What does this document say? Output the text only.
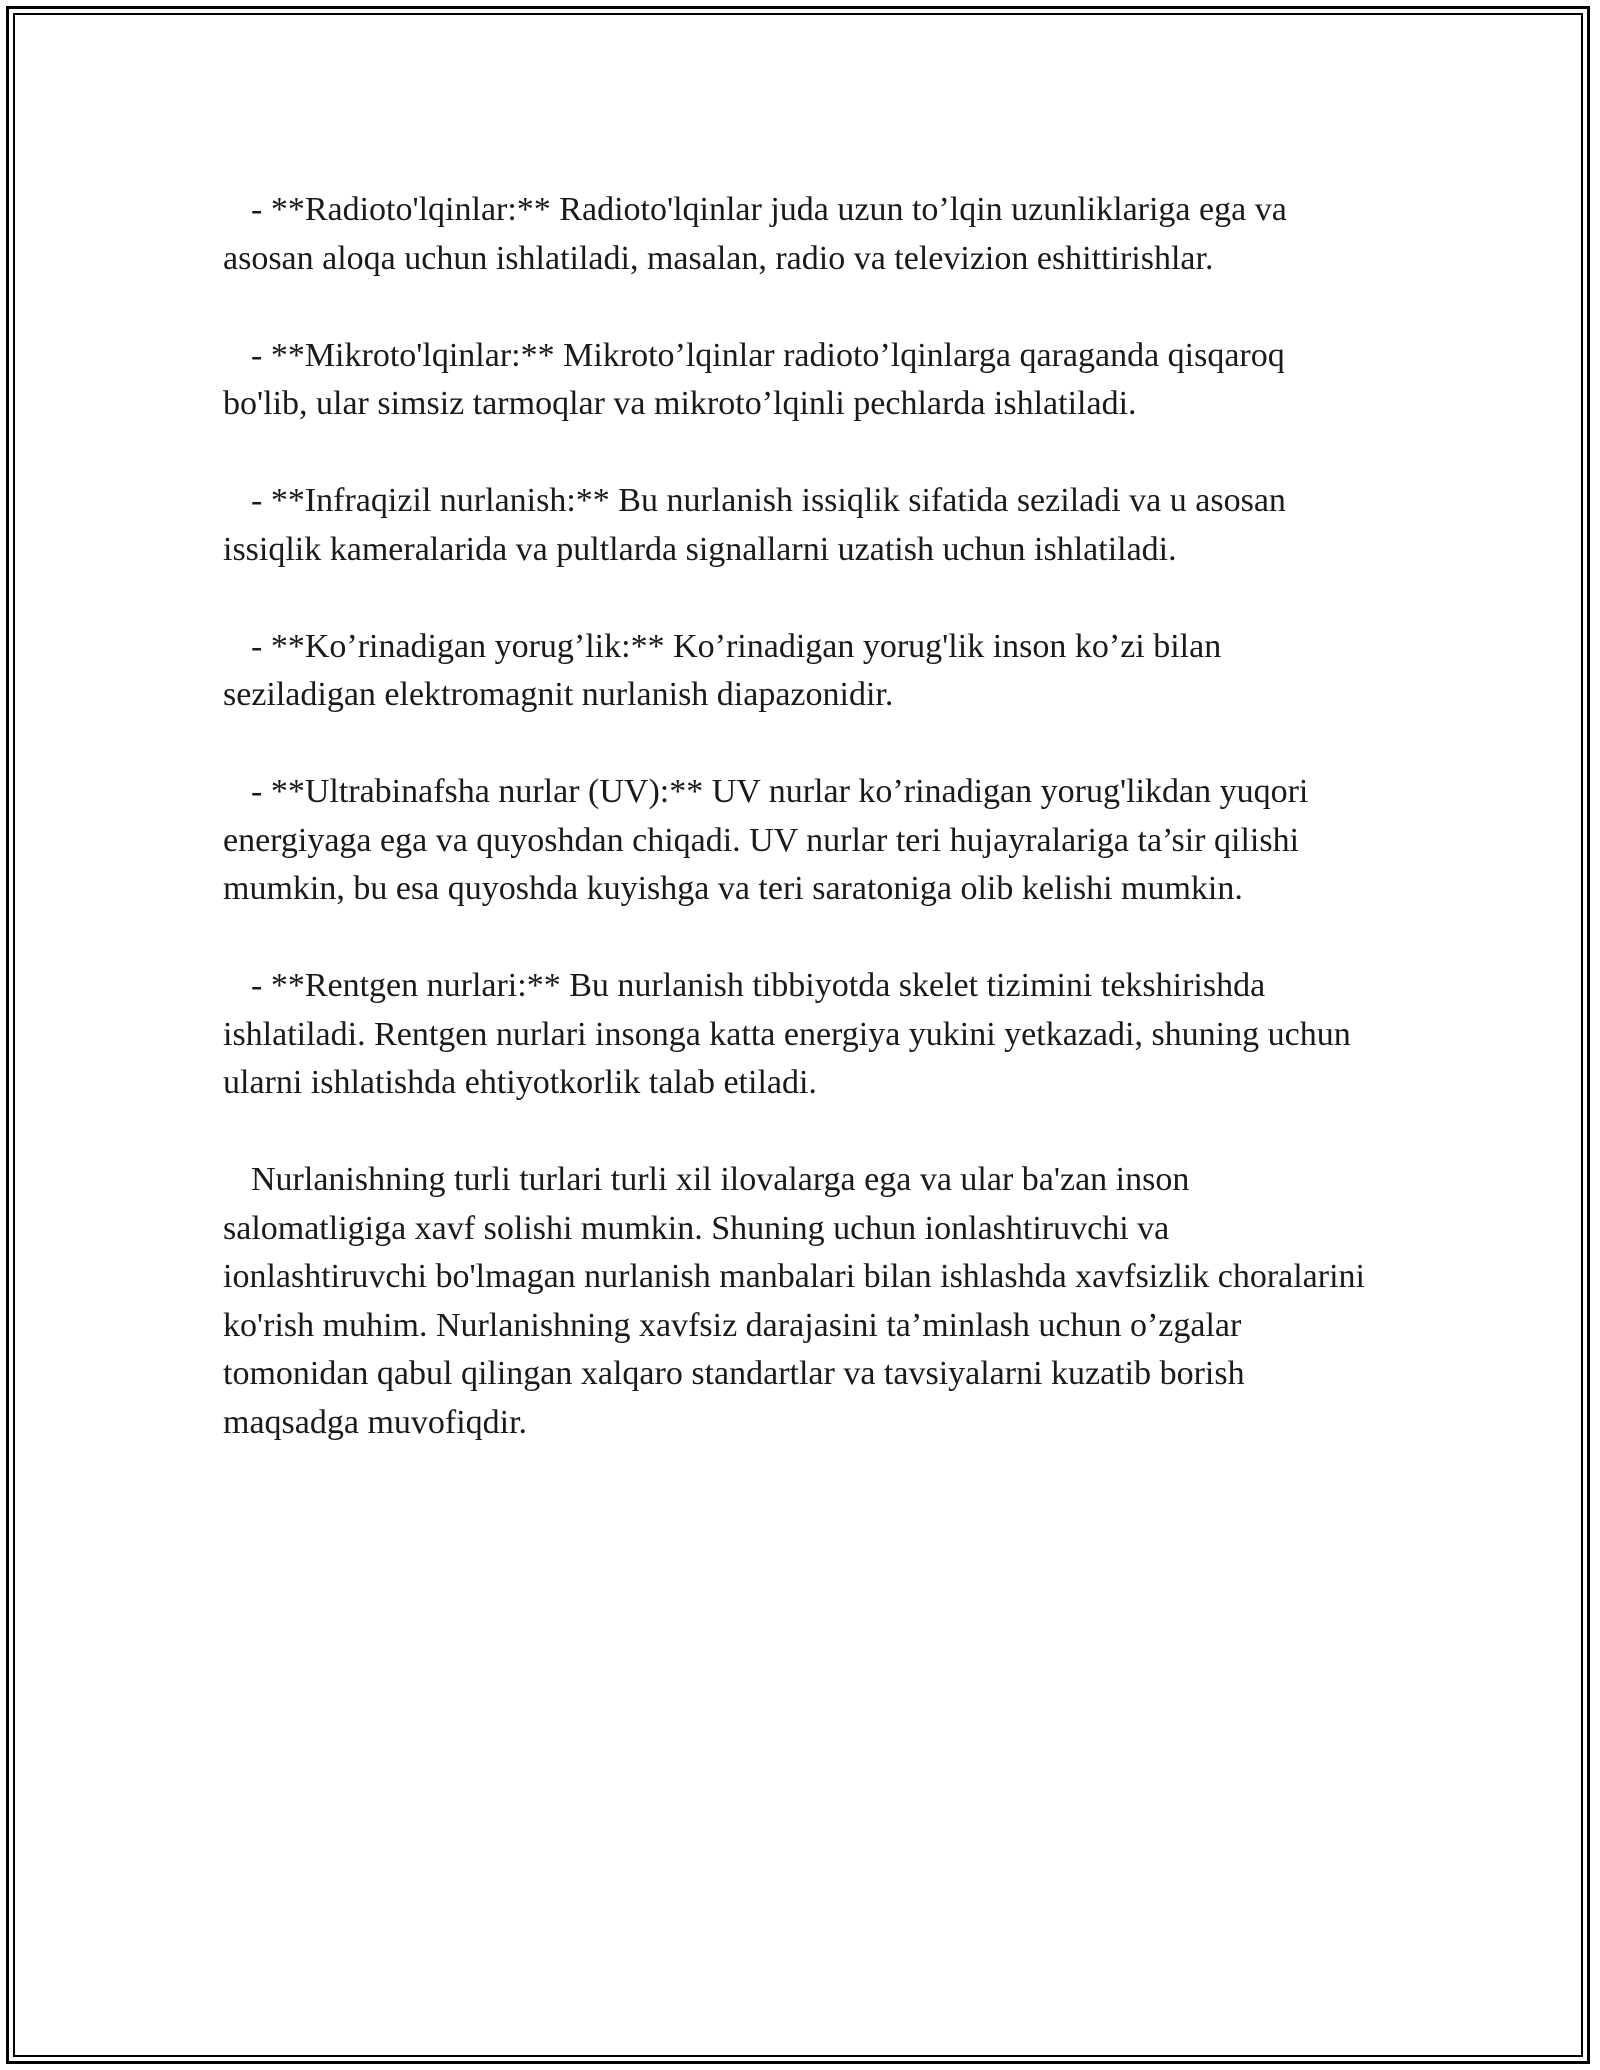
- **Radioto'lqinlar:** Radioto'lqinlar juda uzun to’lqin uzunliklariga ega va asosan aloqa uchun ishlatiladi, masalan, radio va televizion eshittirishlar.

- **Mikroto'lqinlar:** Mikroto’lqinlar radioto’lqinlarga qaraganda qisqaroq bo'lib, ular simsiz tarmoqlar va mikroto’lqinli pechlarda ishlatiladi.

- **Infraqizil nurlanish:** Bu nurlanish issiqlik sifatida seziladi va u asosan issiqlik kameralarida va pultlarda signallarni uzatish uchun ishlatiladi.

- **Ko’rinadigan yorug’lik:** Ko’rinadigan yorug'lik inson ko’zi bilan seziladigan elektromagnit nurlanish diapazonidir.

- **Ultrabinafsha nurlar (UV):** UV nurlar ko’rinadigan yorug'likdan yuqori energiyaga ega va quyoshdan chiqadi. UV nurlar teri hujayralariga ta’sir qilishi mumkin, bu esa quyoshda kuyishga va teri saratoniga olib kelishi mumkin.

- **Rentgen nurlari:** Bu nurlanish tibbiyotda skelet tizimini tekshirishda ishlatiladi. Rentgen nurlari insonga katta energiya yukini yetkazadi, shuning uchun ularni ishlatishda ehtiyotkorlik talab etiladi.

Nurlanishning turli turlari turli xil ilovalarga ega va ular ba'zan inson salomatligiga xavf solishi mumkin. Shuning uchun ionlashtiruvchi va ionlashtiruvchi bo'lmagan nurlanish manbalari bilan ishlashda xavfsizlik choralarini ko'rish muhim. Nurlanishning xavfsiz darajasini ta’minlash uchun o’zgalar tomonidan qabul qilingan xalqaro standartlar va tavsiyalarni kuzatib borish maqsadga muvofiqdir.
